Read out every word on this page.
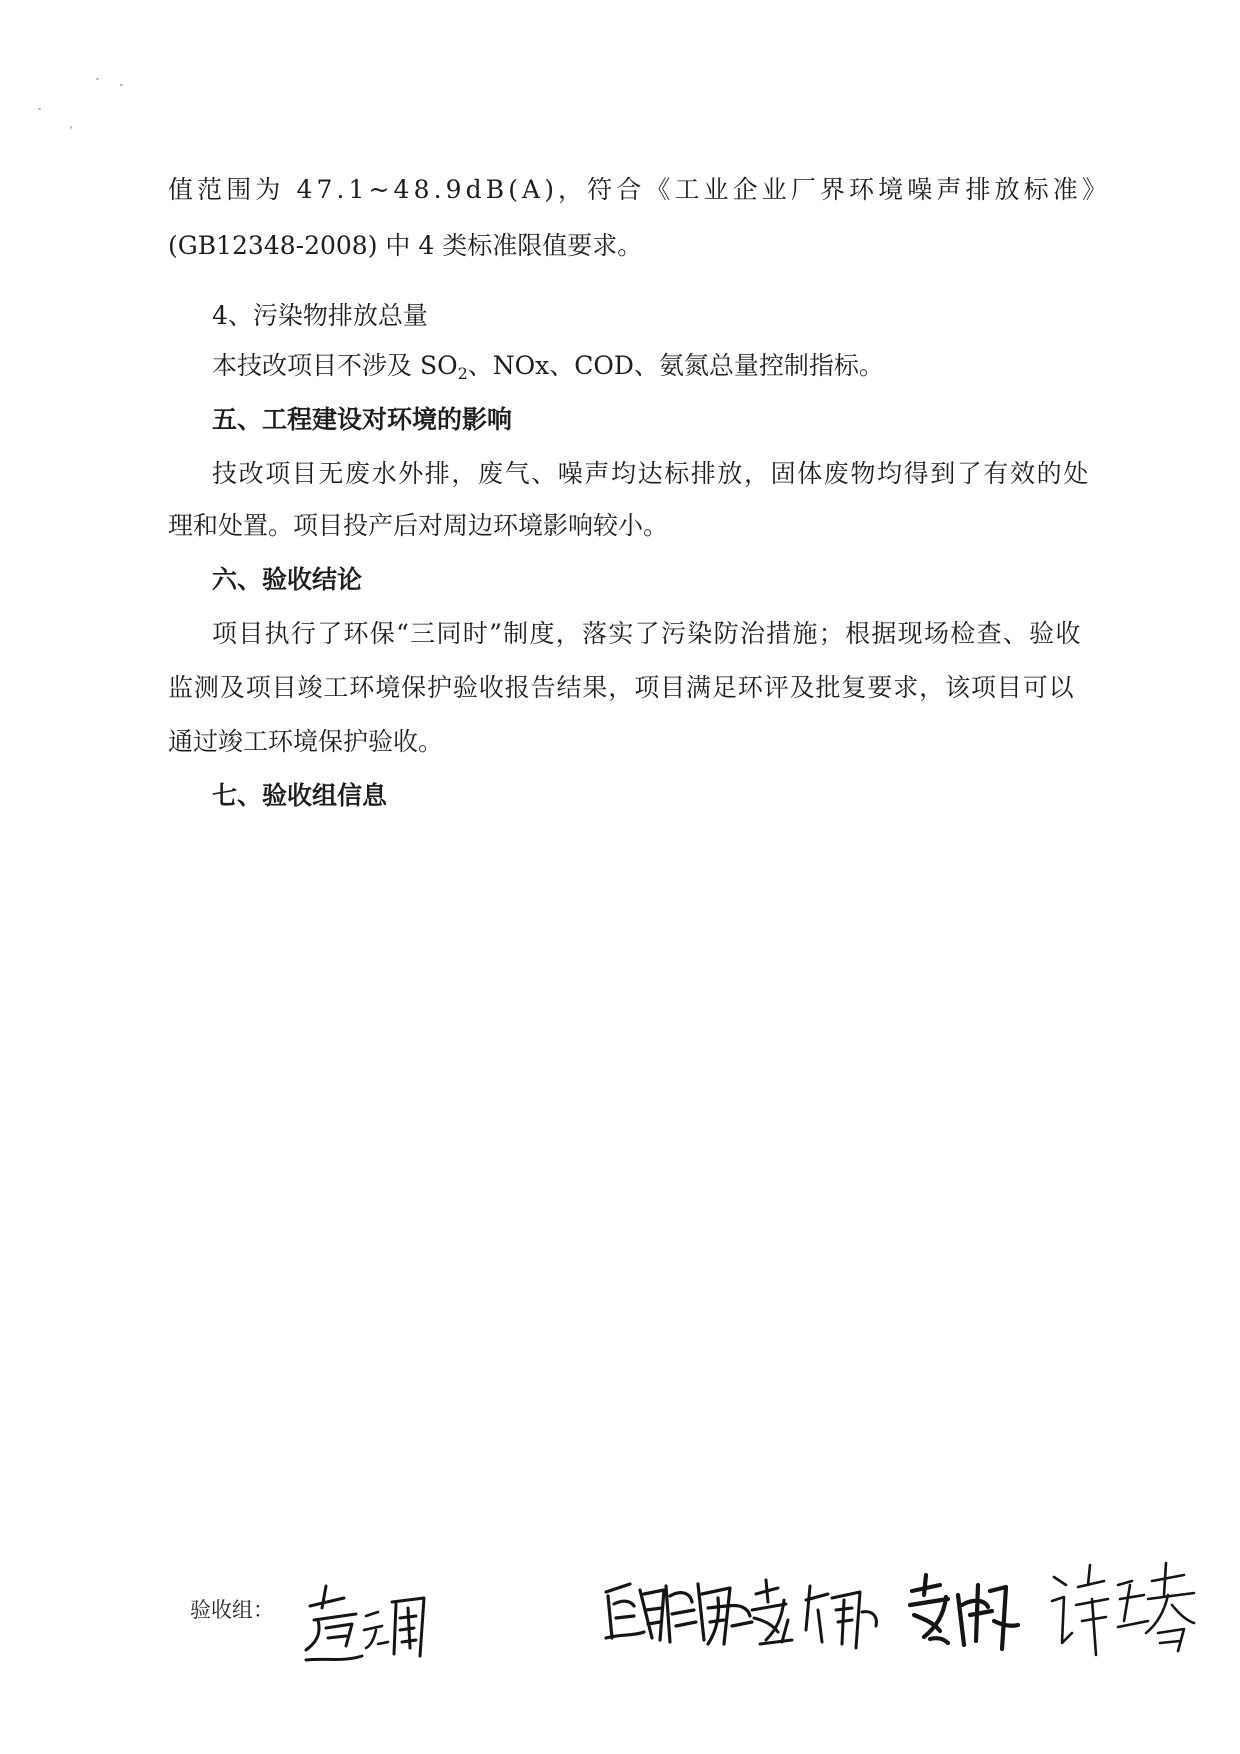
值范围为 47.1~48.9dB(A)，符合《工业企业厂界环境噪声排放标准》

(GB12348-2008) 中 4 类标准限值要求。

4、污染物排放总量

本技改项目不涉及 $SO_2$、NOx、COD、氨氮总量控制指标。

五、工程建设对环境的影响

技改项目无废水外排，废气、噪声均达标排放，固体废物均得到了有效的处

理和处置。项目投产后对周边环境影响较小。

六、验收结论

项目执行了环保“三同时”制度，落实了污染防治措施；根据现场检查、验收

监测及项目竣工环境保护验收报告结果，项目满足环评及批复要求，该项目可以

通过竣工环境保护验收。

七、验收组信息

验收组：
